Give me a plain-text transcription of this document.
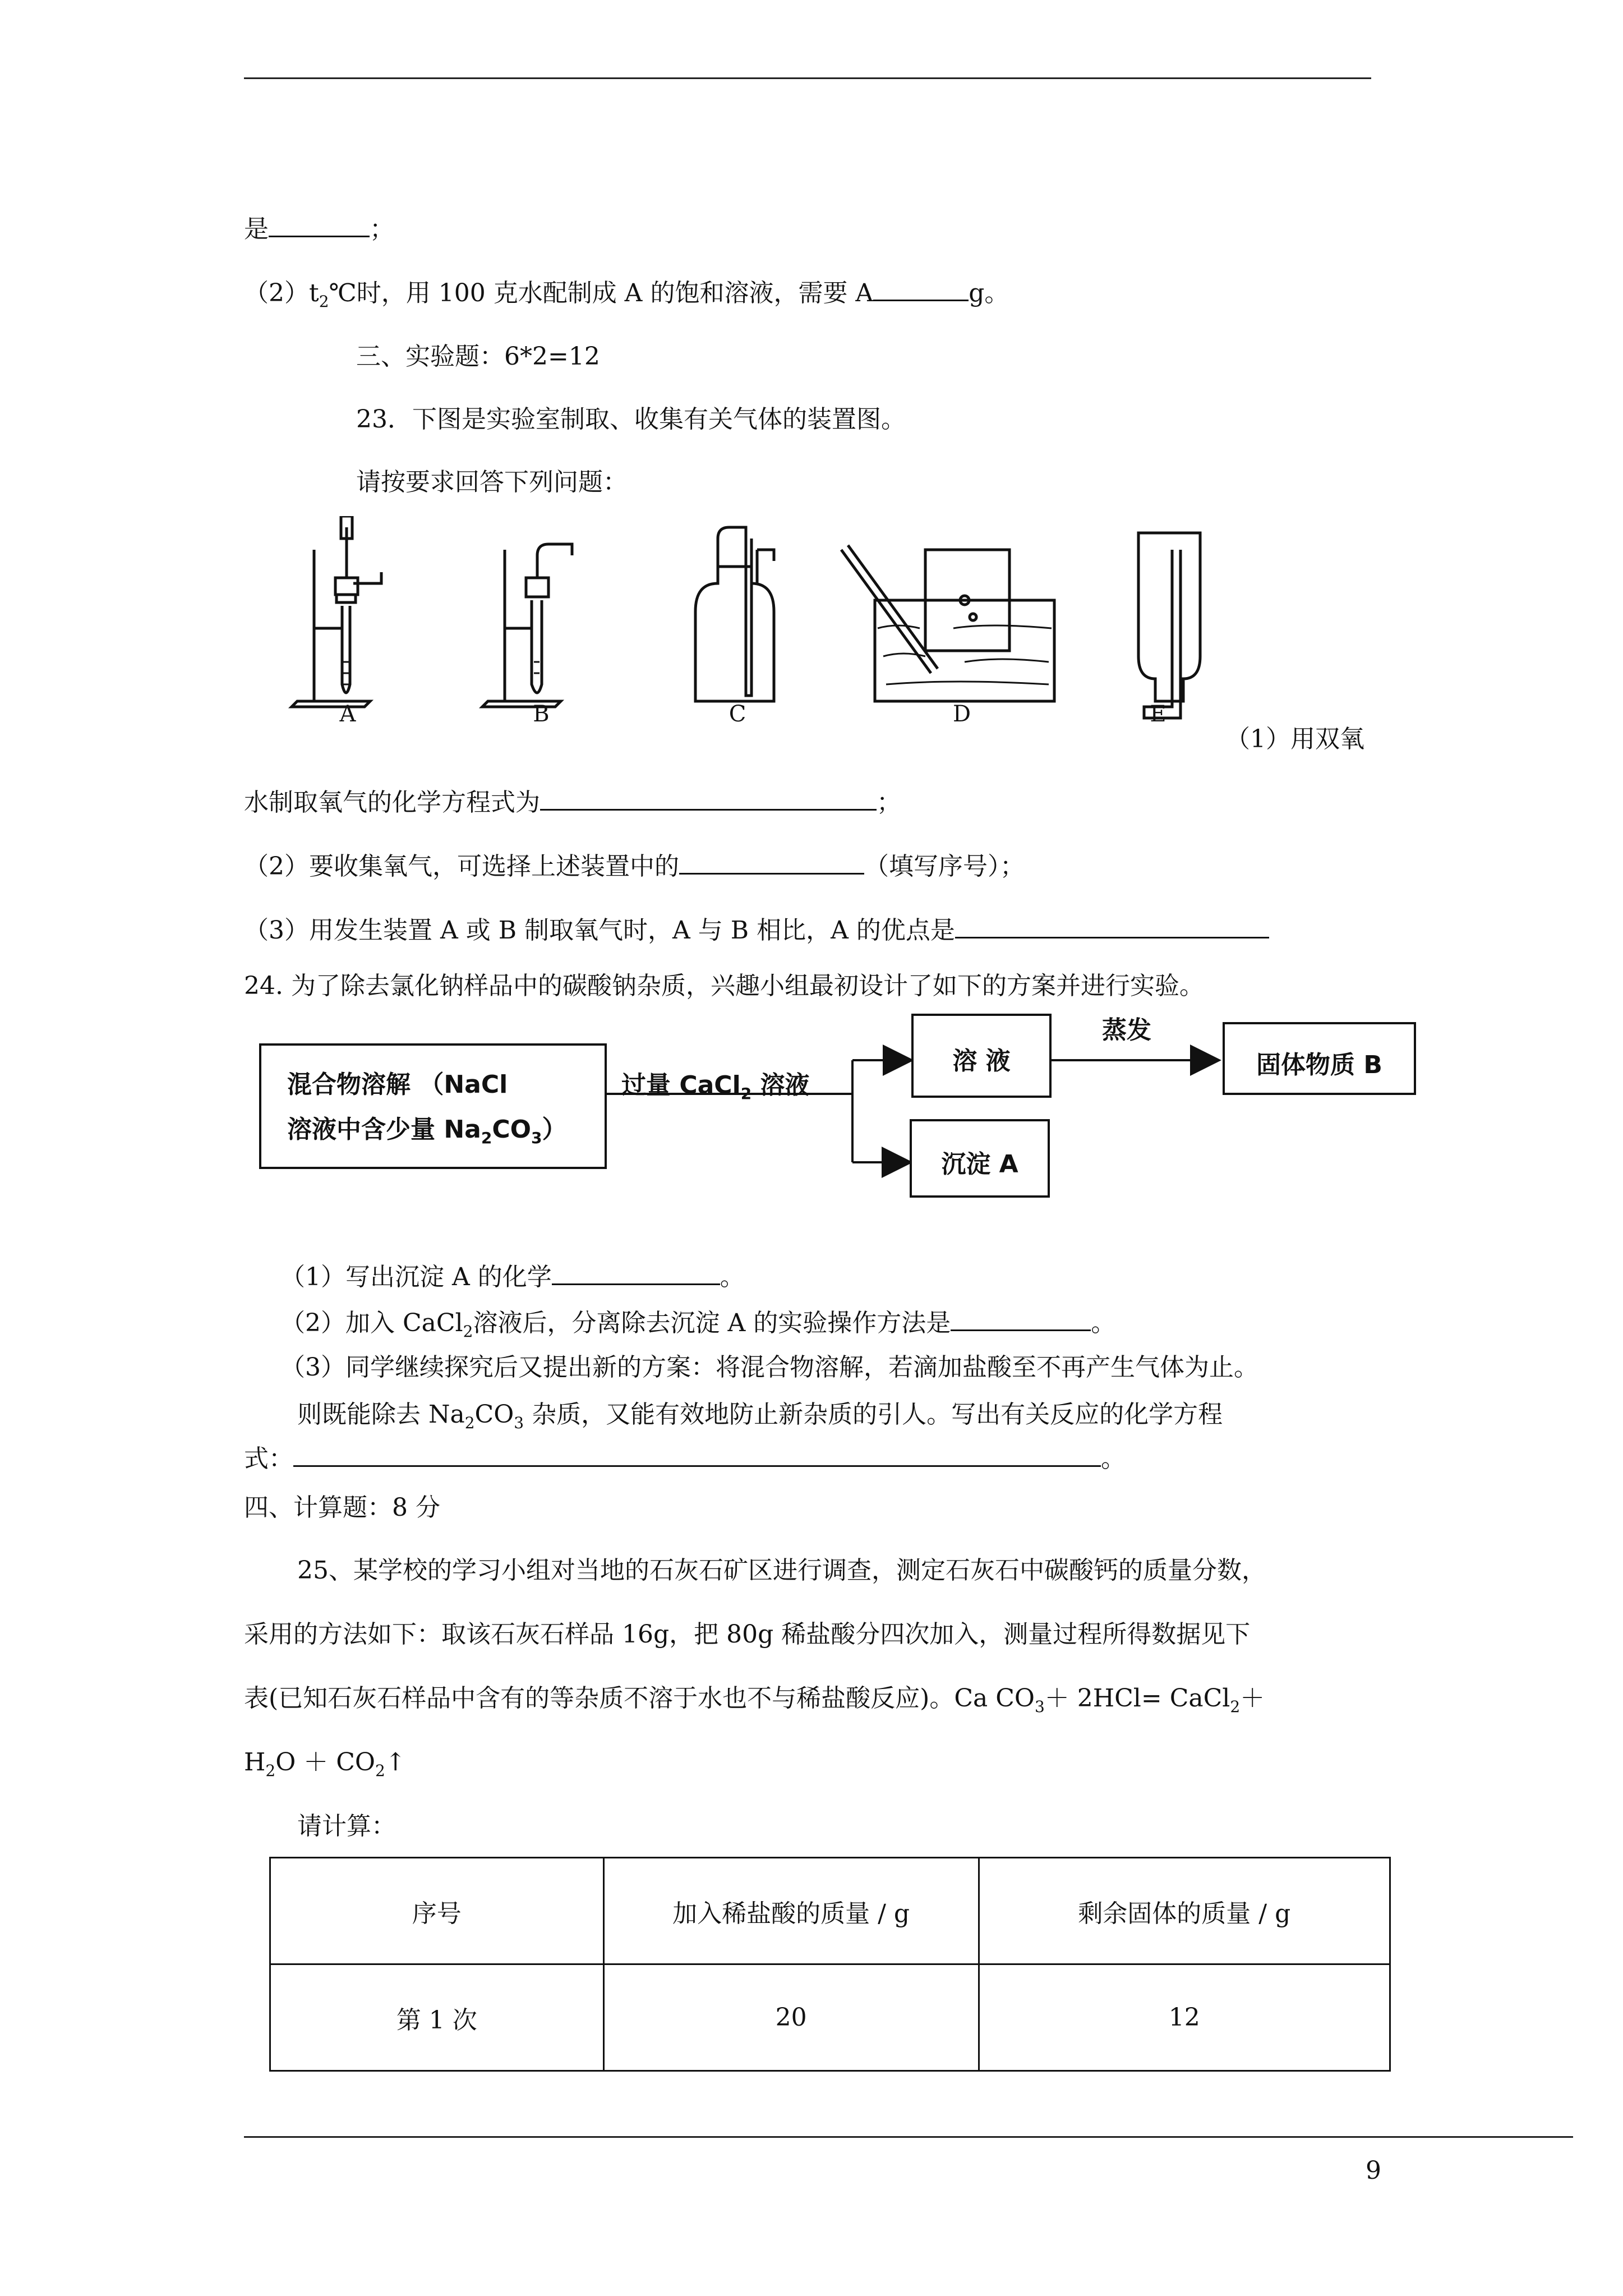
是	；
$(2)t_2℃$时，用 100 克水配制成 A 的饱和溶液，需要 A	g。
三、实验题：6*2=12
23．下图是实验室制取、收集有关气体的装置图。
请按要求回答下列问题：
A	B	C	D	E
（1）用双氧
水制取氧气的化学方程式为	；
（2）要收集氧气，可选择上述装置中的	（填写序号）；
（3）用发生装置 A 或 B 制取氧气时，A 与 B 相比，A 的优点是
24. 为了除去氯化钠样品中的碳酸钠杂质，兴趣小组最初设计了如下的方案并进行实验。
混合物溶解 （NaCl
溶液中含少量 $Na_2CO_3$）
过量 CaCl$_2$ 溶液
溶 液
蒸发
固体物质 B
沉淀 A
（1）写出沉淀 A 的化学	。
（2）加入 CaCl$_2$溶液后，分离除去沉淀 A 的实验操作方法是	。
（3）同学继续探究后又提出新的方案：将混合物溶解，若滴加盐酸至不再产生气体为止。
则既能除去 $Na_2CO_3$ 杂质，又能有效地防止新杂质的引人。写出有关反应的化学方程
式：	。
四、计算题：8 分
25、某学校的学习小组对当地的石灰石矿区进行调查，测定石灰石中碳酸钙的质量分数，
采用的方法如下：取该石灰石样品 16g，把 80g 稀盐酸分四次加入，测量过程所得数据见下
表(已知石灰石样品中含有的等杂质不溶于水也不与稀盐酸反应)。Ca $CO_3+ 2HCl=$ CaCl$_2$＋
$H_2O$ ＋ $CO_2↑$
请计算：
序号	加入稀盐酸的质量 / g	剩余固体的质量 / g
第 1 次	20	12
9
